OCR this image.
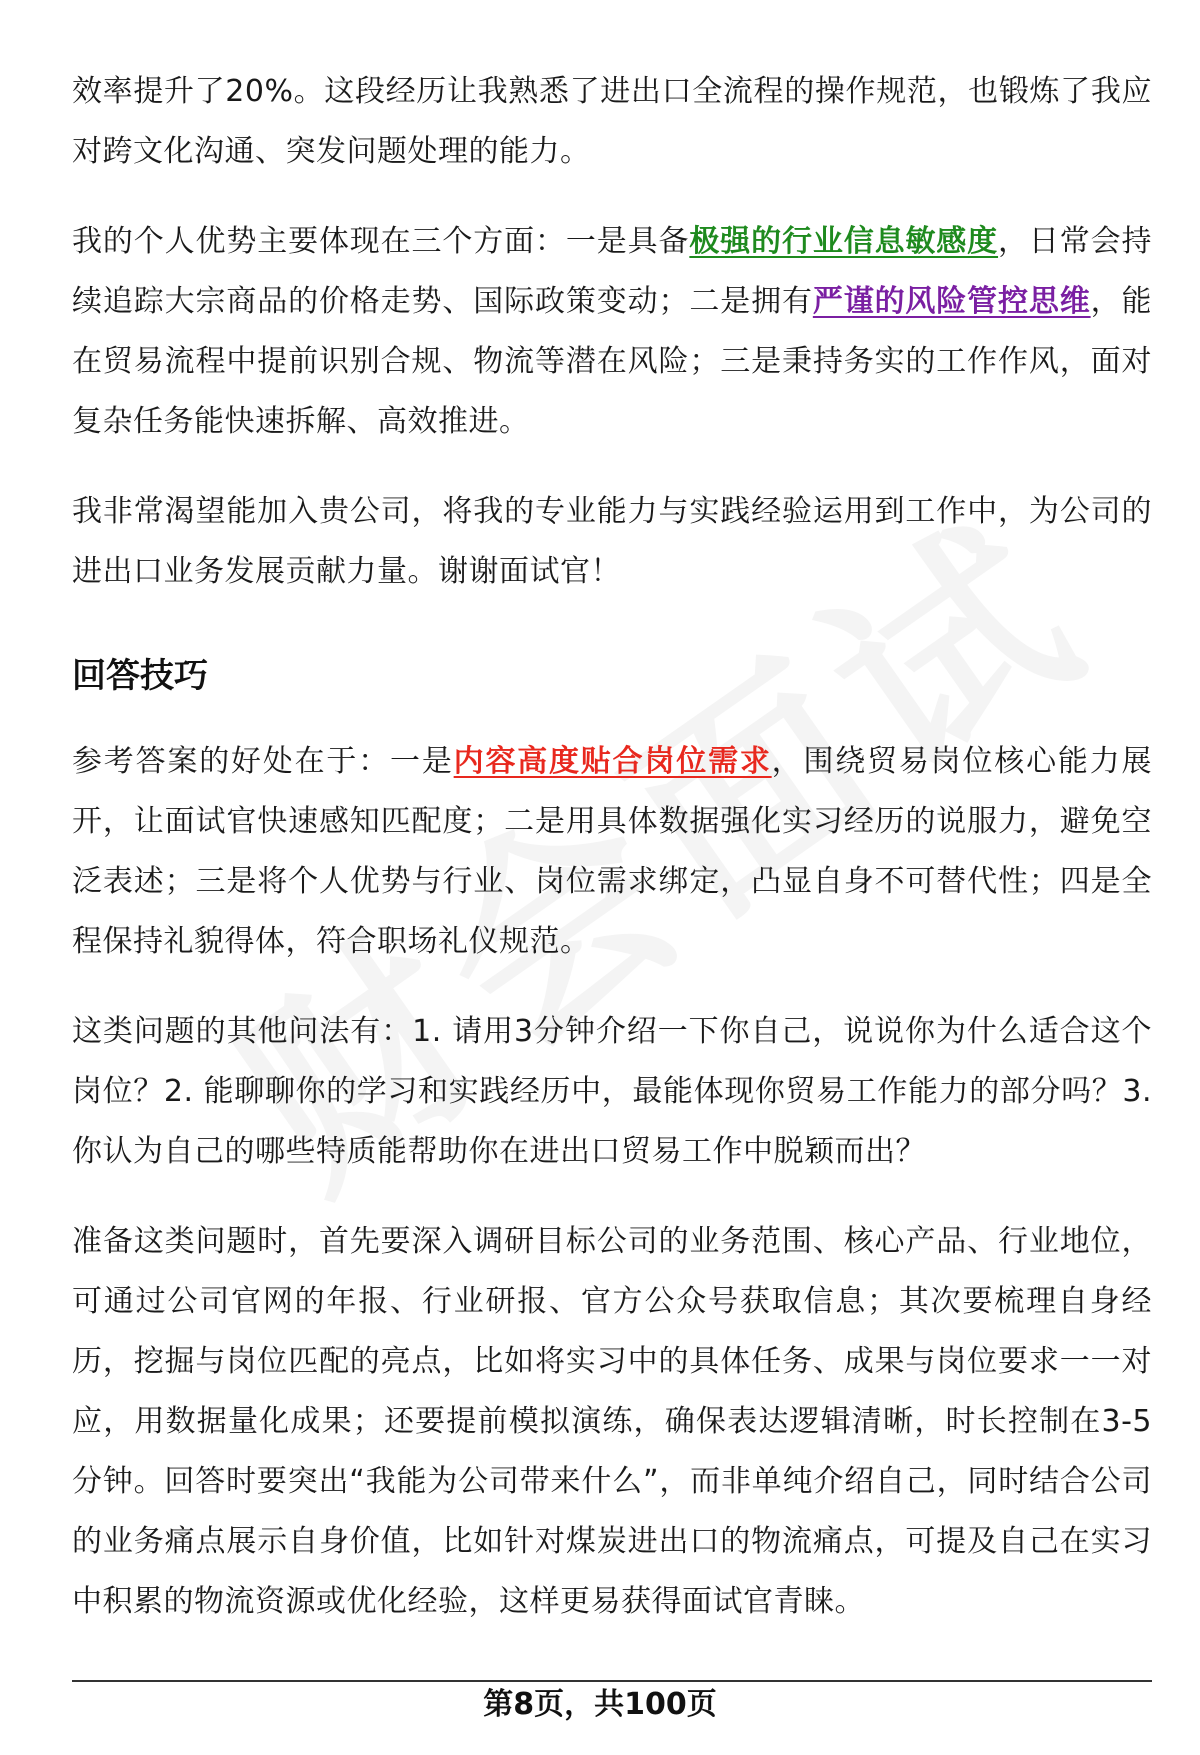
效率提升了20%。这段经历让我熟悉了进出口全流程的操作规范，也锻炼了我应对跨文化沟通、突发问题处理的能力。

我的个人优势主要体现在三个方面：一是具备极强的行业信息敏感度，日常会持续追踪大宗商品的价格走势、国际政策变动；二是拥有严谨的风险管控思维，能在贸易流程中提前识别合规、物流等潜在风险；三是秉持务实的工作作风，面对复杂任务能快速拆解、高效推进。

我非常渴望能加入贵公司，将我的专业能力与实践经验运用到工作中，为公司的进出口业务发展贡献力量。谢谢面试官！

回答技巧

参考答案的好处在于：一是内容高度贴合岗位需求，围绕贸易岗位核心能力展开，让面试官快速感知匹配度；二是用具体数据强化实习经历的说服力，避免空泛表述；三是将个人优势与行业、岗位需求绑定，凸显自身不可替代性；四是全程保持礼貌得体，符合职场礼仪规范。

这类问题的其他问法有：1. 请用3分钟介绍一下你自己，说说你为什么适合这个岗位？2. 能聊聊你的学习和实践经历中，最能体现你贸易工作能力的部分吗？3. 你认为自己的哪些特质能帮助你在进出口贸易工作中脱颖而出？

准备这类问题时，首先要深入调研目标公司的业务范围、核心产品、行业地位，可通过公司官网的年报、行业研报、官方公众号获取信息；其次要梳理自身经历，挖掘与岗位匹配的亮点，比如将实习中的具体任务、成果与岗位要求一一对应，用数据量化成果；还要提前模拟演练，确保表达逻辑清晰，时长控制在3-5分钟。回答时要突出“我能为公司带来什么”，而非单纯介绍自己，同时结合公司的业务痛点展示自身价值，比如针对煤炭进出口的物流痛点，可提及自己在实习中积累的物流资源或优化经验，这样更易获得面试官青睐。

第8页，共100页
